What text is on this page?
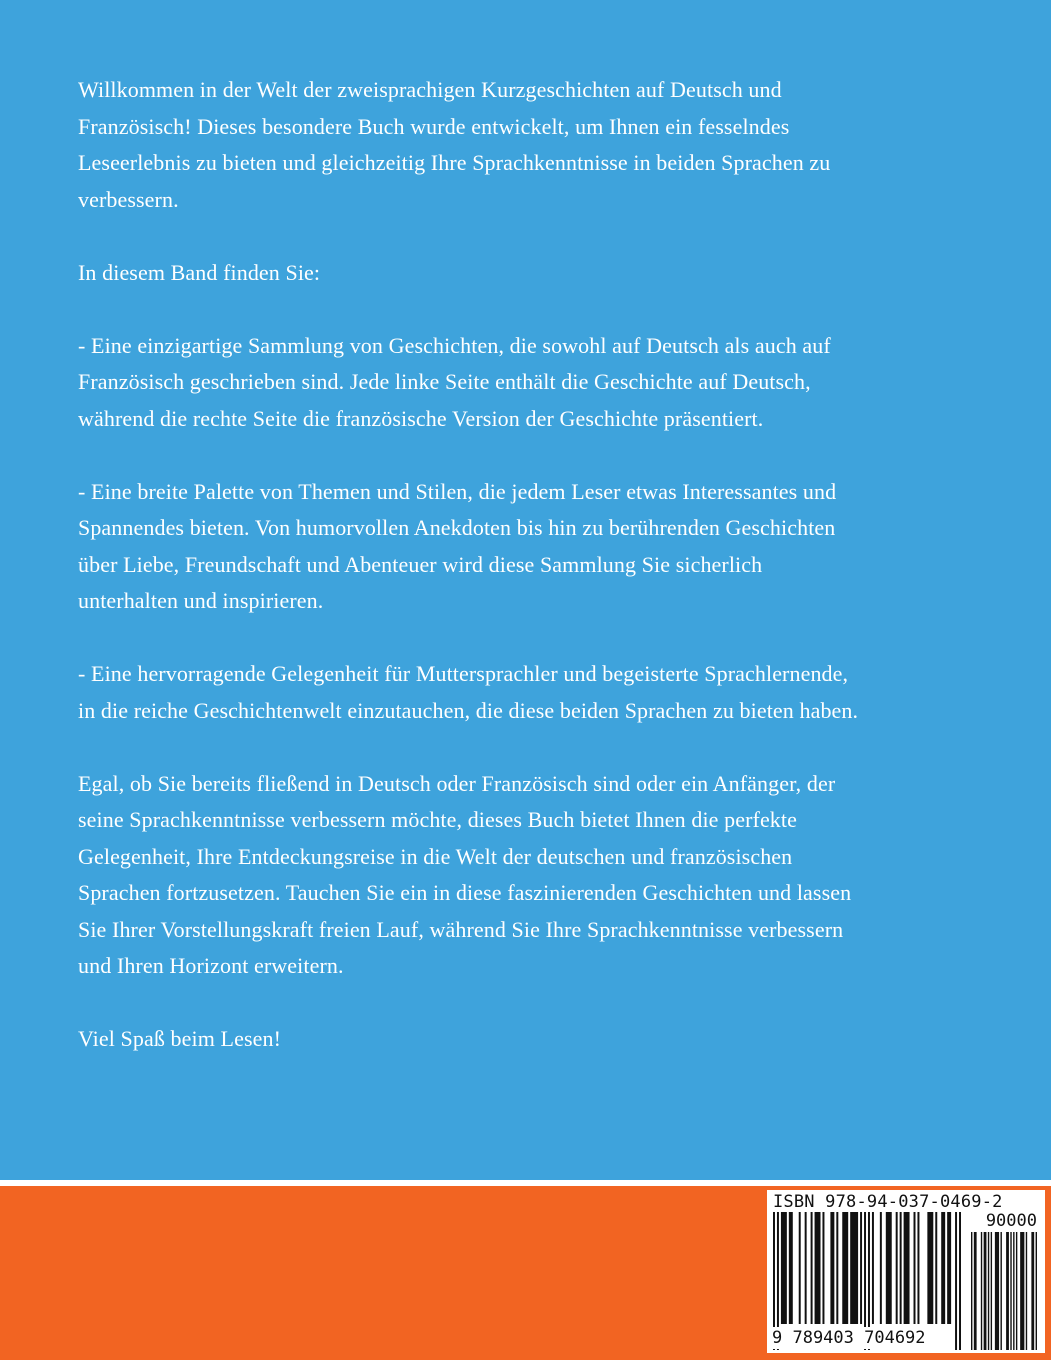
Willkommen in der Welt der zweisprachigen Kurzgeschichten auf Deutsch und
Französisch! Dieses besondere Buch wurde entwickelt, um Ihnen ein fesselndes
Leseerlebnis zu bieten und gleichzeitig Ihre Sprachkenntnisse in beiden Sprachen zu
verbessern.

In diesem Band finden Sie:

- Eine einzigartige Sammlung von Geschichten, die sowohl auf Deutsch als auch auf
Französisch geschrieben sind. Jede linke Seite enthält die Geschichte auf Deutsch,
während die rechte Seite die französische Version der Geschichte präsentiert.

- Eine breite Palette von Themen und Stilen, die jedem Leser etwas Interessantes und
Spannendes bieten. Von humorvollen Anekdoten bis hin zu berührenden Geschichten
über Liebe, Freundschaft und Abenteuer wird diese Sammlung Sie sicherlich
unterhalten und inspirieren.

- Eine hervorragende Gelegenheit für Muttersprachler und begeisterte Sprachlernende,
in die reiche Geschichtenwelt einzutauchen, die diese beiden Sprachen zu bieten haben.

Egal, ob Sie bereits fließend in Deutsch oder Französisch sind oder ein Anfänger, der
seine Sprachkenntnisse verbessern möchte, dieses Buch bietet Ihnen die perfekte
Gelegenheit, Ihre Entdeckungsreise in die Welt der deutschen und französischen
Sprachen fortzusetzen. Tauchen Sie ein in diese faszinierenden Geschichten und lassen
Sie Ihrer Vorstellungskraft freien Lauf, während Sie Ihre Sprachkenntnisse verbessern
und Ihren Horizont erweitern.

Viel Spaß beim Lesen!

ISBN 978-94-037-0469-2
90000
9 789403 704692
